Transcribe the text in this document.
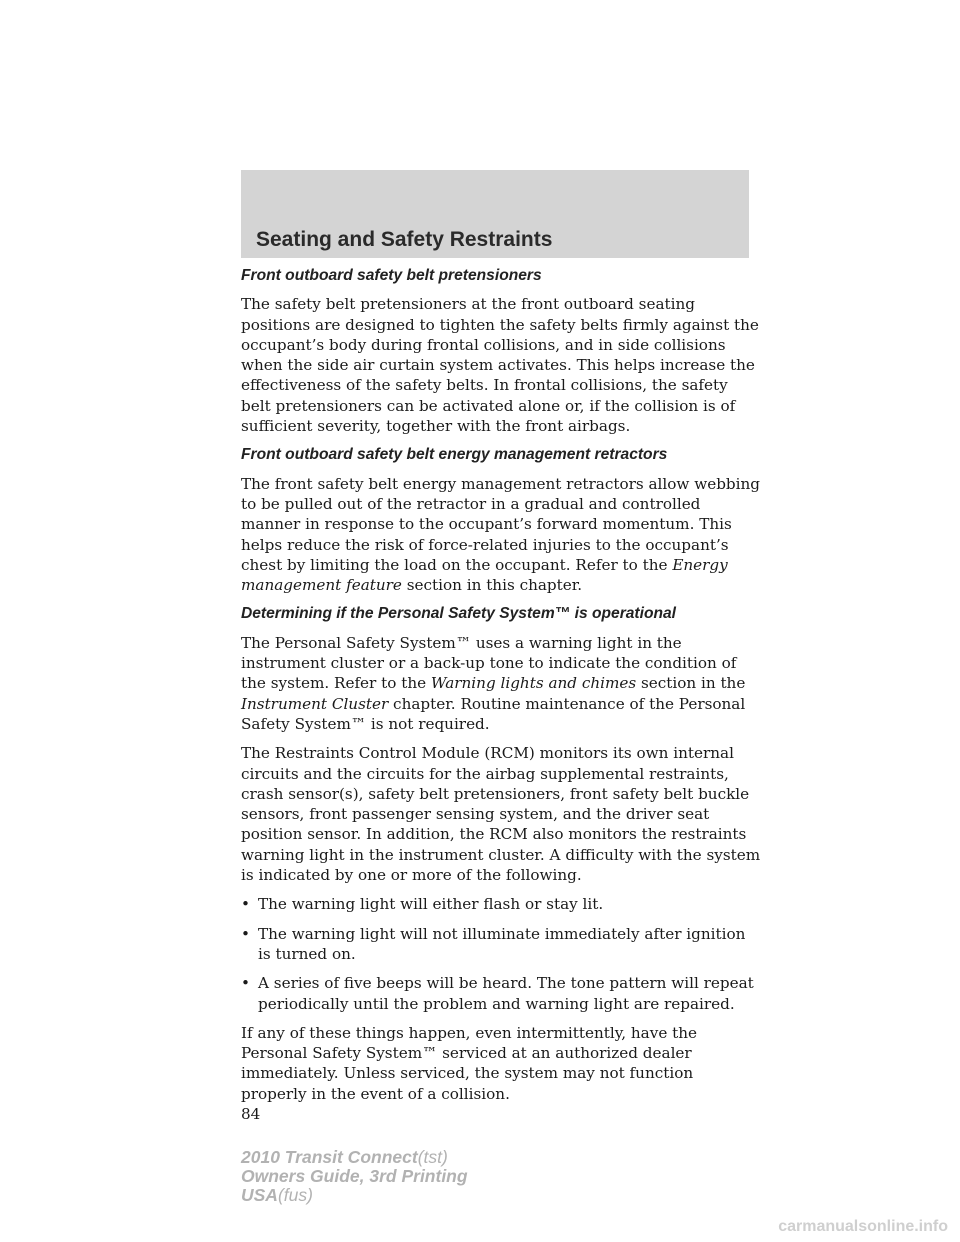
Seating and Safety Restraints
Front outboard safety belt pretensioners

The safety belt pretensioners at the front outboard seating positions are designed to tighten the safety belts firmly against the occupant’s body during frontal collisions, and in side collisions when the side air curtain system activates. This helps increase the effectiveness of the safety belts. In frontal collisions, the safety belt pretensioners can be activated alone or, if the collision is of sufficient severity, together with the front airbags.

Front outboard safety belt energy management retractors

The front safety belt energy management retractors allow webbing to be pulled out of the retractor in a gradual and controlled manner in response to the occupant’s forward momentum. This helps reduce the risk of force-related injuries to the occupant’s chest by limiting the load on the occupant. Refer to the Energy management feature section in this chapter.

Determining if the Personal Safety System™ is operational

The Personal Safety System™ uses a warning light in the instrument cluster or a back-up tone to indicate the condition of the system. Refer to the Warning lights and chimes section in the Instrument Cluster chapter. Routine maintenance of the Personal Safety System™ is not required.

The Restraints Control Module (RCM) monitors its own internal circuits and the circuits for the airbag supplemental restraints, crash sensor(s), safety belt pretensioners, front safety belt buckle sensors, front passenger sensing system, and the driver seat position sensor. In addition, the RCM also monitors the restraints warning light in the instrument cluster. A difficulty with the system is indicated by one or more of the following.

• The warning light will either flash or stay lit.
• The warning light will not illuminate immediately after ignition is turned on.
• A series of five beeps will be heard. The tone pattern will repeat periodically until the problem and warning light are repaired.

If any of these things happen, even intermittently, have the Personal Safety System™ serviced at an authorized dealer immediately. Unless serviced, the system may not function properly in the event of a collision.

84
2010 Transit Connect(tst)
Owners Guide, 3rd Printing
USA(fus)
carmanualsonline.info
